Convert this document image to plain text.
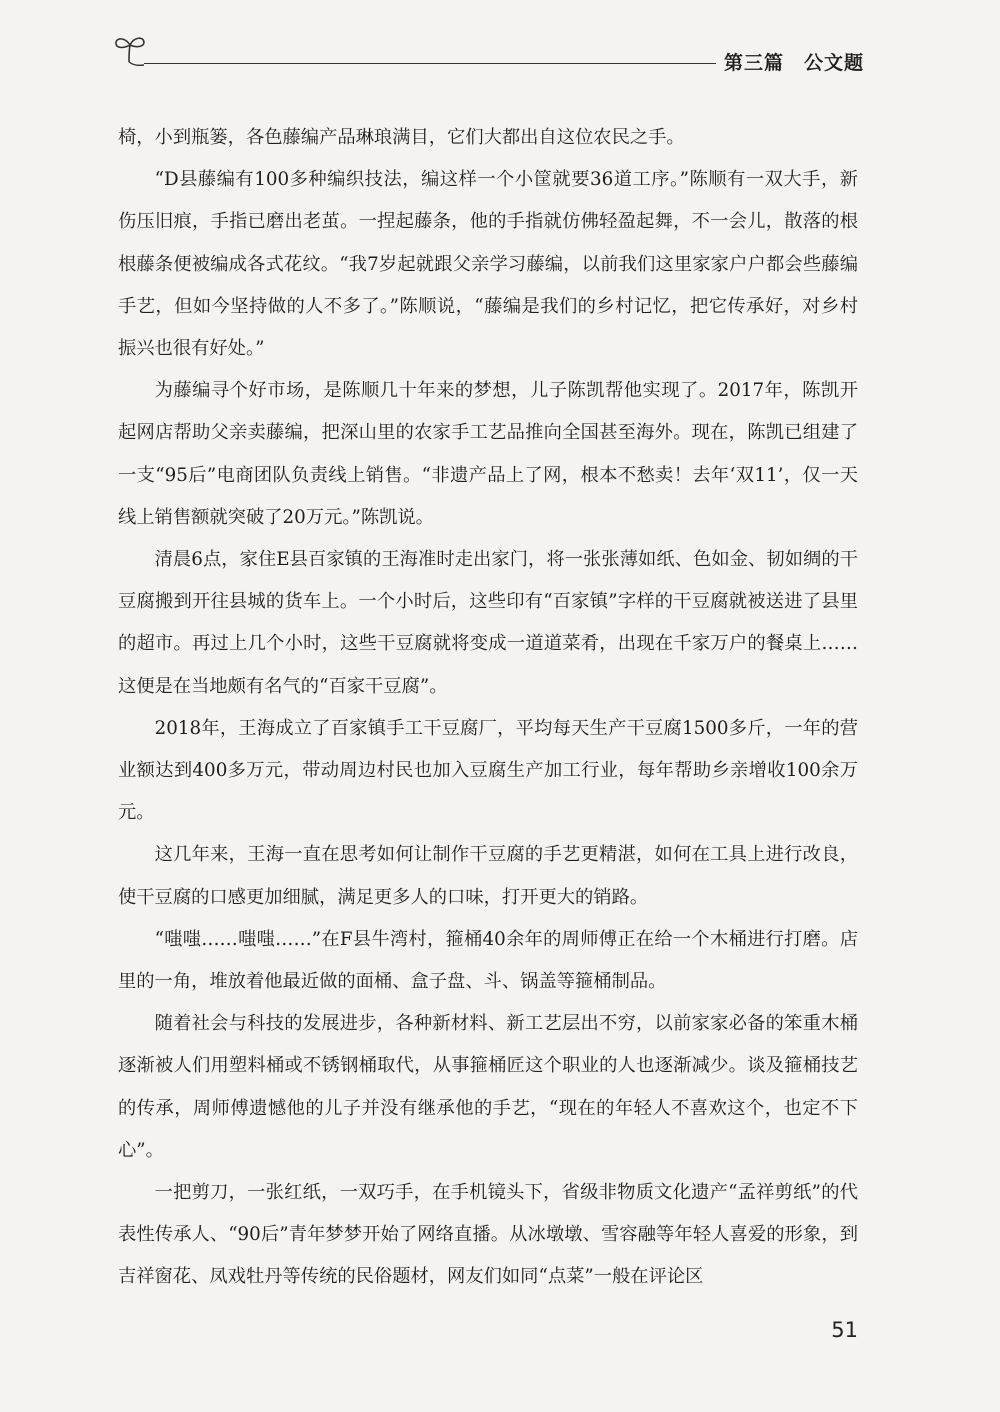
第三篇 公文题

椅，小到瓶篓，各色藤编产品琳琅满目，它们大都出自这位农民之手。

“D县藤编有100多种编织技法，编这样一个小筐就要36道工序。”陈顺有一双大手，新伤压旧痕，手指已磨出老茧。一捏起藤条，他的手指就仿佛轻盈起舞，不一会儿，散落的根根藤条便被编成各式花纹。“我7岁起就跟父亲学习藤编，以前我们这里家家户户都会些藤编手艺，但如今坚持做的人不多了。”陈顺说，“藤编是我们的乡村记忆，把它传承好，对乡村振兴也很有好处。”

为藤编寻个好市场，是陈顺几十年来的梦想，儿子陈凯帮他实现了。2017年，陈凯开起网店帮助父亲卖藤编，把深山里的农家手工艺品推向全国甚至海外。现在，陈凯已组建了一支“95后”电商团队负责线上销售。“非遗产品上了网，根本不愁卖！去年‘双11’，仅一天线上销售额就突破了20万元。”陈凯说。

清晨6点，家住E县百家镇的王海准时走出家门，将一张张薄如纸、色如金、韧如绸的干豆腐搬到开往县城的货车上。一个小时后，这些印有“百家镇”字样的干豆腐就被送进了县里的超市。再过上几个小时，这些干豆腐就将变成一道道菜肴，出现在千家万户的餐桌上……这便是在当地颇有名气的“百家干豆腐”。

2018年，王海成立了百家镇手工干豆腐厂，平均每天生产干豆腐1500多斤，一年的营业额达到400多万元，带动周边村民也加入豆腐生产加工行业，每年帮助乡亲增收100余万元。

这几年来，王海一直在思考如何让制作干豆腐的手艺更精湛，如何在工具上进行改良，使干豆腐的口感更加细腻，满足更多人的口味，打开更大的销路。

“嗤嗤……嗤嗤……”在F县牛湾村，箍桶40余年的周师傅正在给一个木桶进行打磨。店里的一角，堆放着他最近做的面桶、盒子盘、斗、锅盖等箍桶制品。

随着社会与科技的发展进步，各种新材料、新工艺层出不穷，以前家家必备的笨重木桶逐渐被人们用塑料桶或不锈钢桶取代，从事箍桶匠这个职业的人也逐渐减少。谈及箍桶技艺的传承，周师傅遗憾他的儿子并没有继承他的手艺，“现在的年轻人不喜欢这个，也定不下心”。

一把剪刀，一张红纸，一双巧手，在手机镜头下，省级非物质文化遗产“孟祥剪纸”的代表性传承人、“90后”青年梦梦开始了网络直播。从冰墩墩、雪容融等年轻人喜爱的形象，到吉祥窗花、凤戏牡丹等传统的民俗题材，网友们如同“点菜”一般在评论区

51
